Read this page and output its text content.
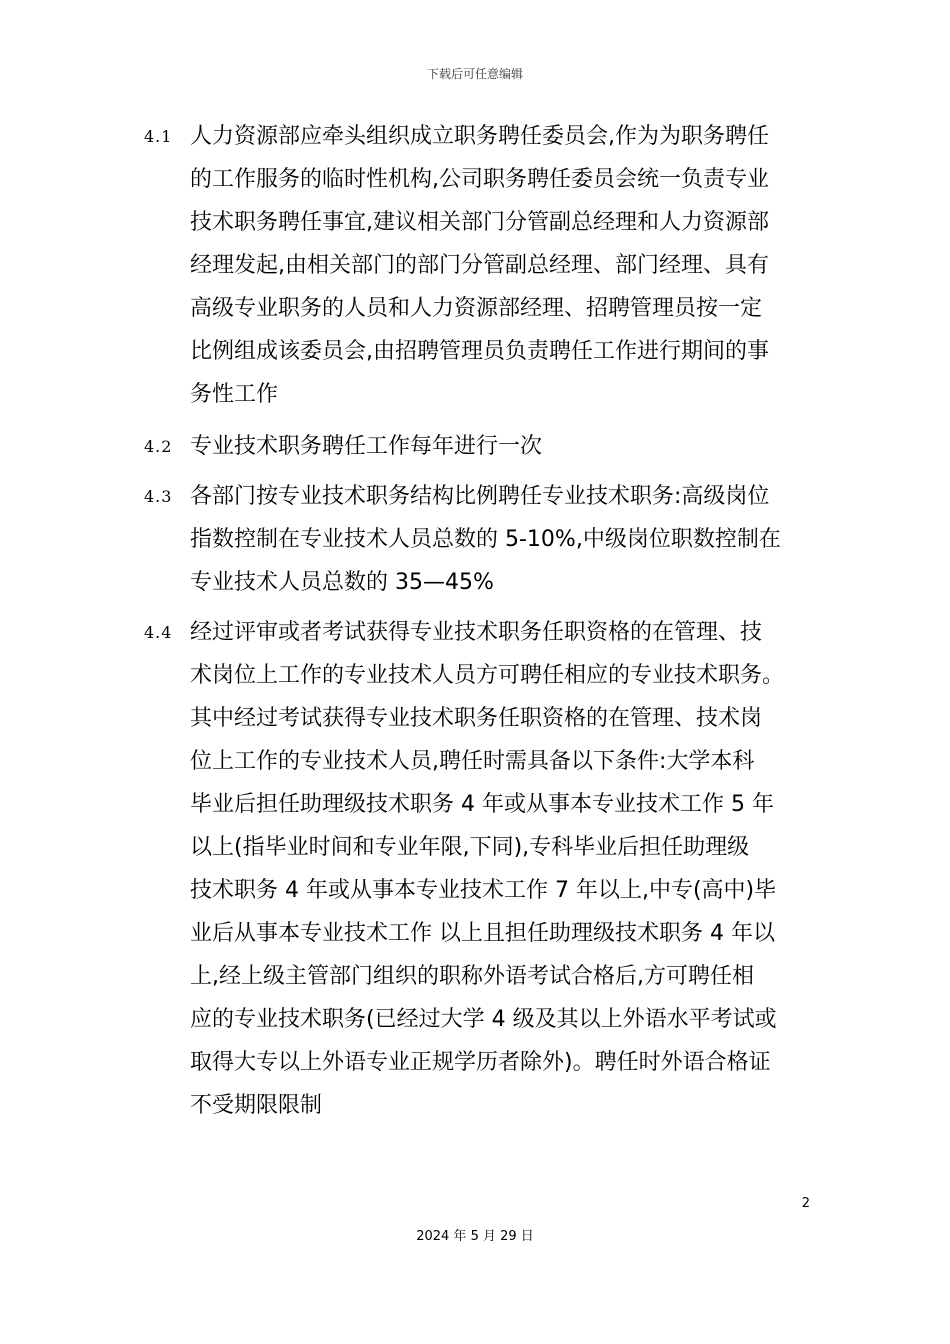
下载后可任意编辑
4.1 人力资源部应牵头组织成立职务聘任委员会,作为为职务聘任
的工作服务的临时性机构,公司职务聘任委员会统一负责专业
技术职务聘任事宜,建议相关部门分管副总经理和人力资源部
经理发起,由相关部门的部门分管副总经理、部门经理、具有
高级专业职务的人员和人力资源部经理、招聘管理员按一定
比例组成该委员会,由招聘管理员负责聘任工作进行期间的事
务性工作
4.2 专业技术职务聘任工作每年进行一次
4.3 各部门按专业技术职务结构比例聘任专业技术职务:高级岗位
指数控制在专业技术人员总数的 5-10%,中级岗位职数控制在
专业技术人员总数的 35—45%
4.4 经过评审或者考试获得专业技术职务任职资格的在管理、技
术岗位上工作的专业技术人员方可聘任相应的专业技术职务。
其中经过考试获得专业技术职务任职资格的在管理、技术岗
位上工作的专业技术人员,聘任时需具备以下条件:大学本科
毕业后担任助理级技术职务 4 年或从事本专业技术工作 5 年
以上(指毕业时间和专业年限,下同),专科毕业后担任助理级
技术职务 4 年或从事本专业技术工作 7 年以上,中专(高中)毕
业后从事本专业技术工作 以上且担任助理级技术职务 4 年以
上,经上级主管部门组织的职称外语考试合格后,方可聘任相
应的专业技术职务(已经过大学 4 级及其以上外语水平考试或
取得大专以上外语专业正规学历者除外)。聘任时外语合格证
不受期限限制
2
2024 年 5 月 29 日
